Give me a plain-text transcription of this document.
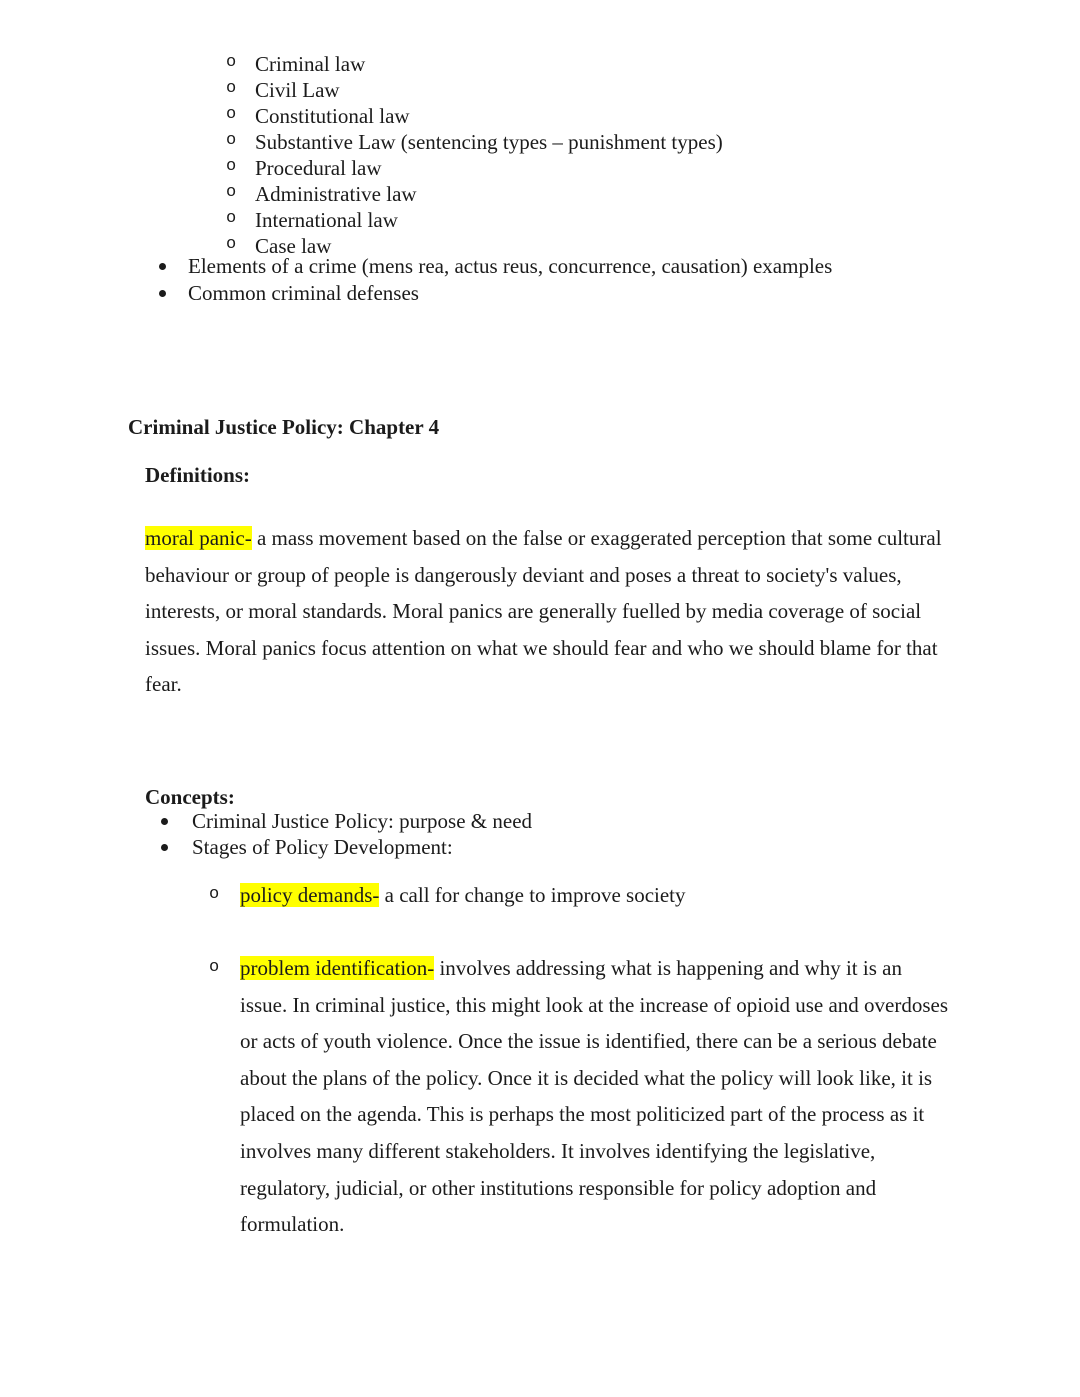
o Criminal law
o Civil Law
o Constitutional law
o Substantive Law (sentencing types – punishment types)
o Procedural law
o Administrative law
o International law
o Case law
Elements of a crime (mens rea, actus reus, concurrence, causation) examples
Common criminal defenses
Criminal Justice Policy: Chapter 4
Definitions:

moral panic- a mass movement based on the false or exaggerated perception that some cultural behaviour or group of people is dangerously deviant and poses a threat to society's values, interests, or moral standards. Moral panics are generally fuelled by media coverage of social issues. Moral panics focus attention on what we should fear and who we should blame for that fear.

Concepts:
Criminal Justice Policy: purpose & need
Stages of Policy Development:
o policy demands- a call for change to improve society

o problem identification- involves addressing what is happening and why it is an issue. In criminal justice, this might look at the increase of opioid use and overdoses or acts of youth violence. Once the issue is identified, there can be a serious debate about the plans of the policy. Once it is decided what the policy will look like, it is placed on the agenda. This is perhaps the most politicized part of the process as it involves many different stakeholders. It involves identifying the legislative, regulatory, judicial, or other institutions responsible for policy adoption and formulation.
